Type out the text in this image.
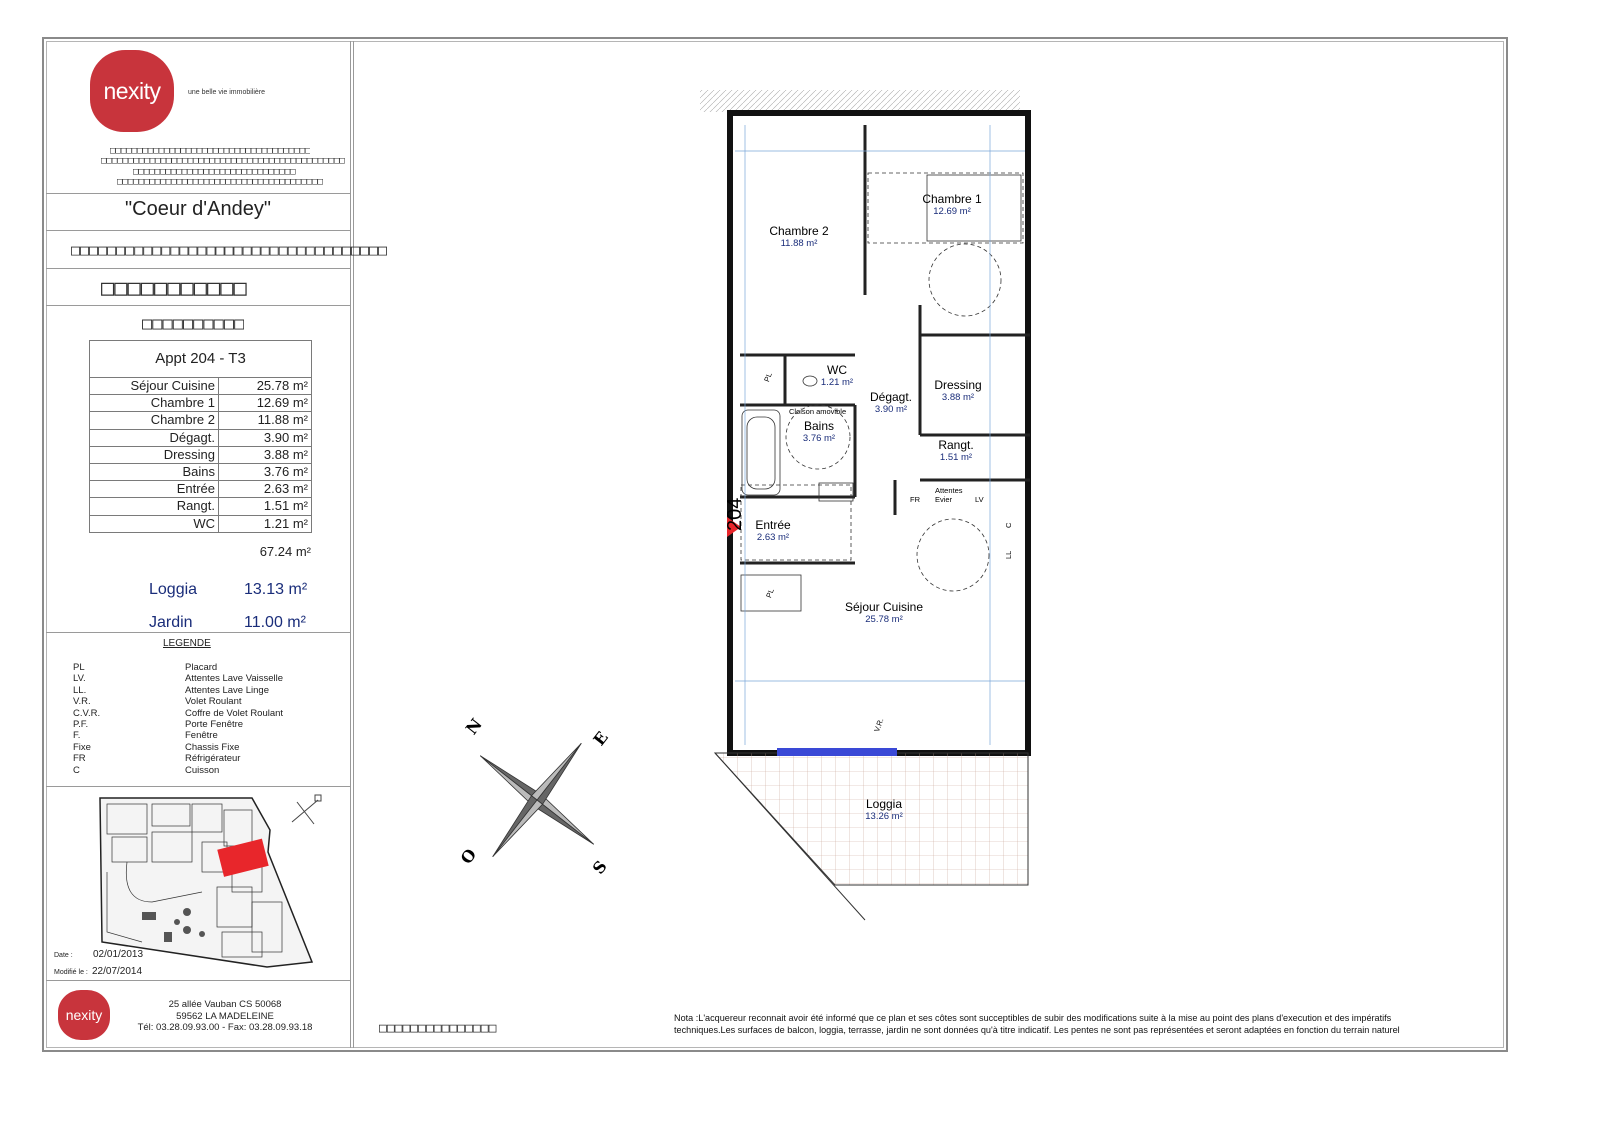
nexity	une belle vie immobilière
□□□□□□□□□□□□□□□□□□□□□□□□□□□□□□□□□□□□□
□□□□□□□□□□□□□□□□□□□□□□□□□□□□□□□□□□□□□□□□□□□□□
□□□□□□□□□□□□□□□□□□□□□□□□□□□□□□
□□□□□□□□□□□□□□□□□□□□□□□□□□□□□□□□□□□□□□
"Coeur d'Andey"
□□□□□□□□□□□□□□□□□□□□□□□□□□□□□□□□□□□
□□□□□□□□□□□
□□□□□□□□□□
Appt 204 - T3	
Séjour Cuisine	25.78 m²
Chambre 1	12.69 m²
Chambre 2	11.88 m²
Dégagt.	3.90 m²
Dressing	3.88 m²
Bains	3.76 m²
Entrée	2.63 m²
Rangt.	1.51 m²
WC	1.21 m²
67.24 m²
Loggia	13.13 m²
Jardin	11.00 m²
LEGENDE
PL	Placard
LV.	Attentes Lave Vaisselle
LL.	Attentes Lave Linge
V.R.	Volet Roulant
C.V.R.	Coffre de Volet Roulant
P.F.	Porte Fenêtre
F.	Fenêtre
Fixe	Chassis Fixe
FR	Réfrigérateur
C	Cuisson
Date : 02/01/2013
Modifié le : 22/07/2014
nexity
25 allée Vauban CS 50068
59562 LA MADELEINE
Tél: 03.28.09.93.00 - Fax: 03.28.09.93.18	□□□□□□□□□□□□□□□
Nota :L'acquereur reconnait avoir été informé que ce plan et ses côtes sont succeptibles de subir des modifications suite à la mise au point des plans d'execution et des impératifs
techniques.Les surfaces de balcon, loggia, terrasse, jardin ne sont données qu'à titre indicatif. Les pentes ne sont pas représentées et seront adaptées en fonction du terrain naturel
N
E
S
O
204
Chambre 2
11.88 m²
Chambre 1
12.69 m²
WC
1.21 m²
Dégagt.
3.90 m²
Dressing
3.88 m²
Bains
3.76 m²	Rangt.
1.51 m²
Entrée
2.63 m²
Séjour Cuisine
25.78 m²
Loggia
13.26 m²
Cloison amovible
FR
Attentes
Evier	LV
LL
C
PL
PL
V.R.
